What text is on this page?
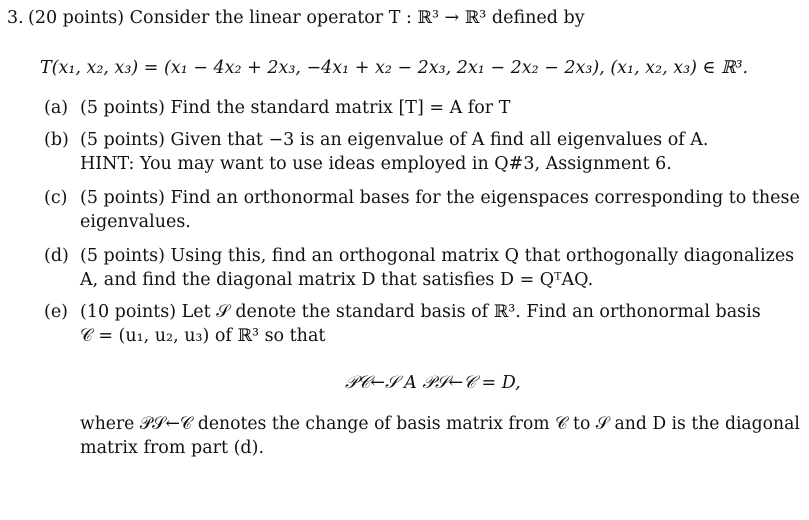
3. (20 points) Consider the linear operator T : ℝ³ → ℝ³ defined by
T(x₁, x₂, x₃) = (x₁ − 4x₂ + 2x₃, −4x₁ + x₂ − 2x₃, 2x₁ − 2x₂ − 2x₃), (x₁, x₂, x₃) ∈ ℝ³.
(a) (5 points) Find the standard matrix [T] = A for T
(b) (5 points) Given that −3 is an eigenvalue of A find all eigenvalues of A.
HINT: You may want to use ideas employed in Q#3, Assignment 6.
(c) (5 points) Find an orthonormal bases for the eigenspaces corresponding to these
eigenvalues.
(d) (5 points) Using this, find an orthogonal matrix Q that orthogonally diagonalizes
A, and find the diagonal matrix D that satisfies D = QᵀAQ.
(e) (10 points) Let 𝒮 denote the standard basis of ℝ³. Find an orthonormal basis
𝒞 = (u₁, u₂, u₃) of ℝ³ so that
𝒫𝒞←𝒮 A 𝒫𝒮←𝒞 = D,
where 𝒫𝒮←𝒞 denotes the change of basis matrix from 𝒞 to 𝒮 and D is the diagonal
matrix from part (d).
